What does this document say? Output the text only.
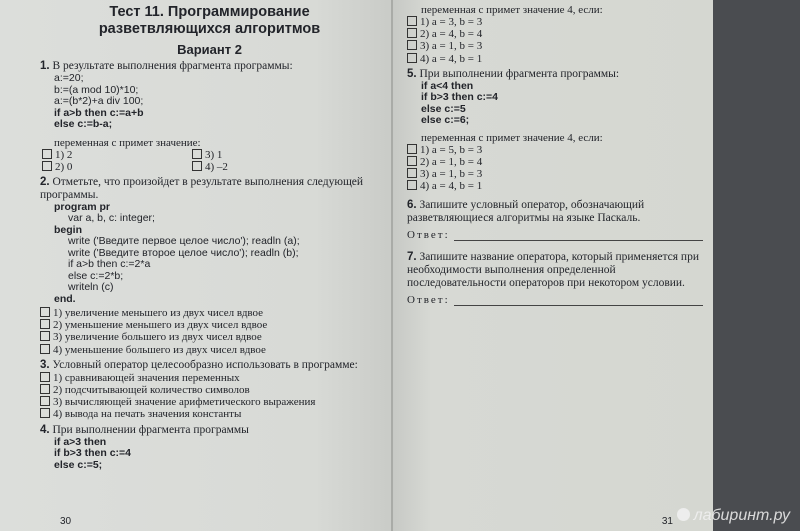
Тест 11. Программирование
разветвляющихся алгоритмов
Вариант 2
1. В результате выполнения фрагмента программы:
a:=20;
b:=(a mod 10)*10;
a:=(b*2)+a div 100;
if a>b then c:=a+b
else c:=b-a;
переменная с примет значение:
1) 2	3) 1
2) 0	4) –2
2. Отметьте, что произойдет в результате выполнения следующей программы.
program pr
var a, b, c: integer;
begin
write ('Введите первое целое число'); readln (a);
write ('Введите второе целое число'); readln (b);
if a>b then c:=2*a
else c:=2*b;
writeln (c)
end.
1) увеличение меньшего из двух чисел вдвое
2) уменьшение меньшего из двух чисел вдвое
3) увеличение большего из двух чисел вдвое
4) уменьшение большего из двух чисел вдвое
3. Условный оператор целесообразно использовать в программе:
1) сравнивающей значения переменных
2) подсчитывающей количество символов
3) вычисляющей значение арифметического выражения
4) вывода на печать значения константы
4. При выполнении фрагмента программы
if a>3 then
if b>3 then c:=4
else c:=5;
30
переменная с примет значение 4, если:
1) a = 3, b = 3
2) a = 4, b = 4
3) a = 1, b = 3
4) a = 4, b = 1
5. При выполнении фрагмента программы:
if a<4 then
if b>3 then c:=4
else c:=5
else c:=6;
переменная с примет значение 4, если:
1) a = 5, b = 3
2) a = 1, b = 4
3) a = 1, b = 3
4) a = 4, b = 1
6. Запишите условный оператор, обозначающий разветвляющиеся алгоритмы на языке Паскаль.
Ответ:
7. Запишите название оператора, который применяется при необходимости выполнения определенной последовательности операторов при некотором условии.
Ответ:
31	лабиринт.ру
